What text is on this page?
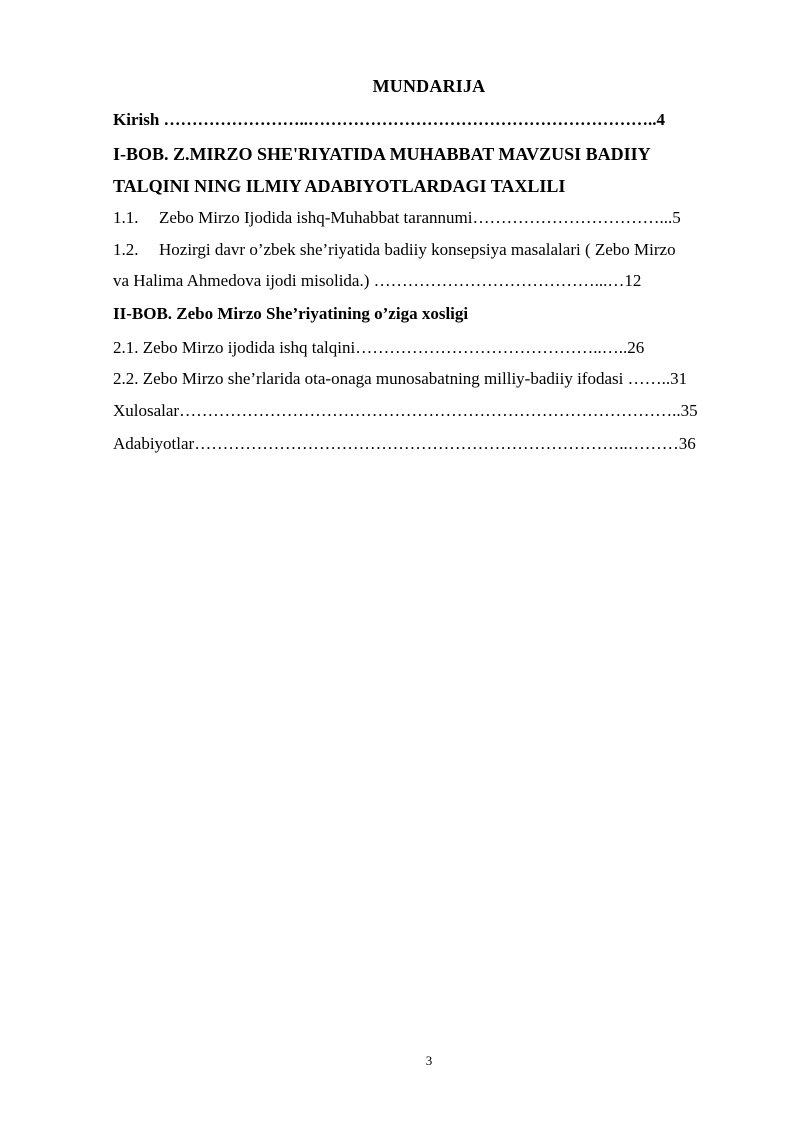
MUNDARIJA
Kirish ……………………..……………………………………………………..4
I-BOB. Z.MIRZO SHE'RIYATIDA MUHABBAT MAVZUSI BADIIY
TALQINI NING ILMIY ADABIYOTLARDAGI TAXLILI
1.1. Zebo Mirzo Ijodida ishq-Muhabbat tarannumi……………………………...5
1.2. Hozirgi davr o’zbek she’riyatida badiiy konsepsiya masalalari ( Zebo Mirzo
va Halima Ahmedova ijodi misolida.) …………………………………...…12
II-BOB. Zebo Mirzo She’riyatining o’ziga xosligi
2.1. Zebo Mirzo ijodida ishq talqini……………………………………..…..26
2.2. Zebo Mirzo she’rlarida ota-onaga munosabatning milliy-badiiy ifodasi ……..31
Xulosalar……………………………………………………………………………..35
Adabiyotlar…………………………………………………………………..………36
3
